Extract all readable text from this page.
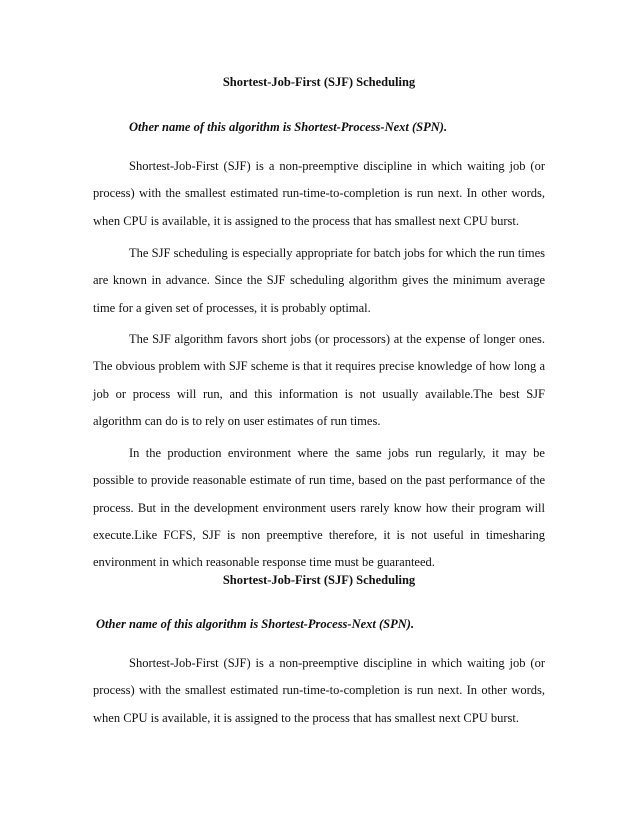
Shortest-Job-First (SJF) Scheduling

Other name of this algorithm is Shortest-Process-Next (SPN).

Shortest-Job-First (SJF) is a non-preemptive discipline in which waiting job (or process) with the smallest estimated run-time-to-completion is run next. In other words, when CPU is available, it is assigned to the process that has smallest next CPU burst.

The SJF scheduling is especially appropriate for batch jobs for which the run times are known in advance. Since the SJF scheduling algorithm gives the minimum average time for a given set of processes, it is probably optimal.

The SJF algorithm favors short jobs (or processors) at the expense of longer ones. The obvious problem with SJF scheme is that it requires precise knowledge of how long a job or process will run, and this information is not usually available.The best SJF algorithm can do is to rely on user estimates of run times.

In the production environment where the same jobs run regularly, it may be possible to provide reasonable estimate of run time, based on the past performance of the process. But in the development environment users rarely know how their program will execute.Like FCFS, SJF is non preemptive therefore, it is not useful in timesharing environment in which reasonable response time must be guaranteed.

Shortest-Job-First (SJF) Scheduling

Other name of this algorithm is Shortest-Process-Next (SPN).

Shortest-Job-First (SJF) is a non-preemptive discipline in which waiting job (or process) with the smallest estimated run-time-to-completion is run next. In other words, when CPU is available, it is assigned to the process that has smallest next CPU burst.
